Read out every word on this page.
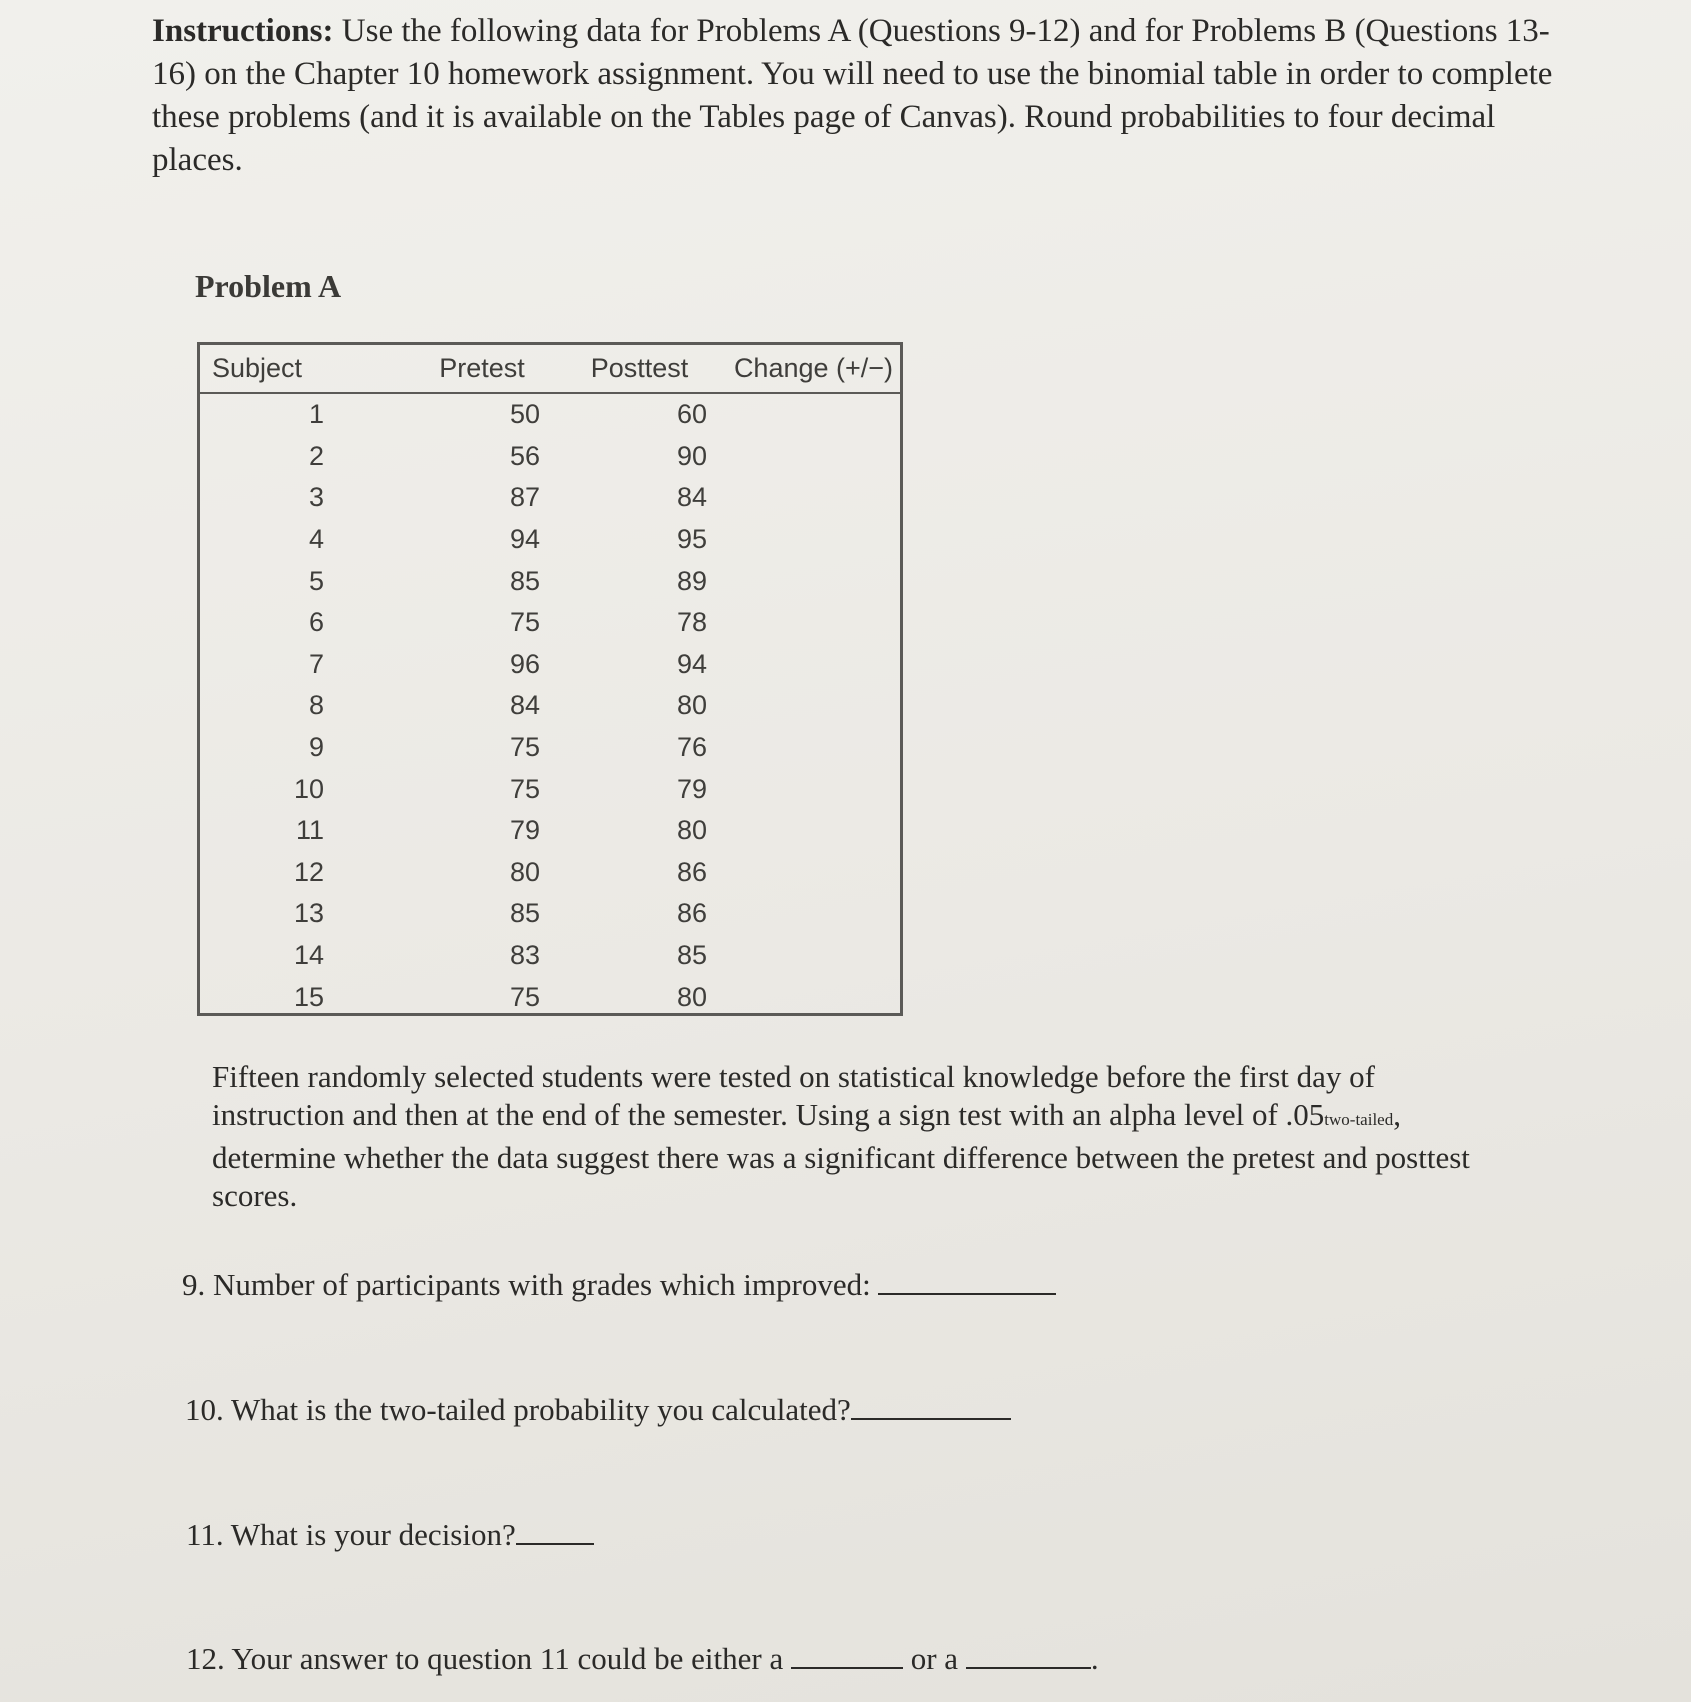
Instructions: Use the following data for Problems A (Questions 9-12) and for Problems B (Questions 13-16) on the Chapter 10 homework assignment. You will need to use the binomial table in order to complete these problems (and it is available on the Tables page of Canvas). Round probabilities to four decimal places.

Problem A
Subject	Pretest	Posttest	Change (+/−)
1	50	60	
2	56	90	
3	87	84	
4	94	95	
5	85	89	
6	75	78	
7	96	94	
8	84	80	
9	75	76	
10	75	79	
11	79	80	
12	80	86	
13	85	86	
14	83	85	
15	75	80	

Fifteen randomly selected students were tested on statistical knowledge before the first day of instruction and then at the end of the semester. Using a sign test with an alpha level of .05two-tailed, determine whether the data suggest there was a significant difference between the pretest and posttest scores.

9. Number of participants with grades which improved:

10. What is the two-tailed probability you calculated?

11. What is your decision?

12. Your answer to question 11 could be either a	or a	.
